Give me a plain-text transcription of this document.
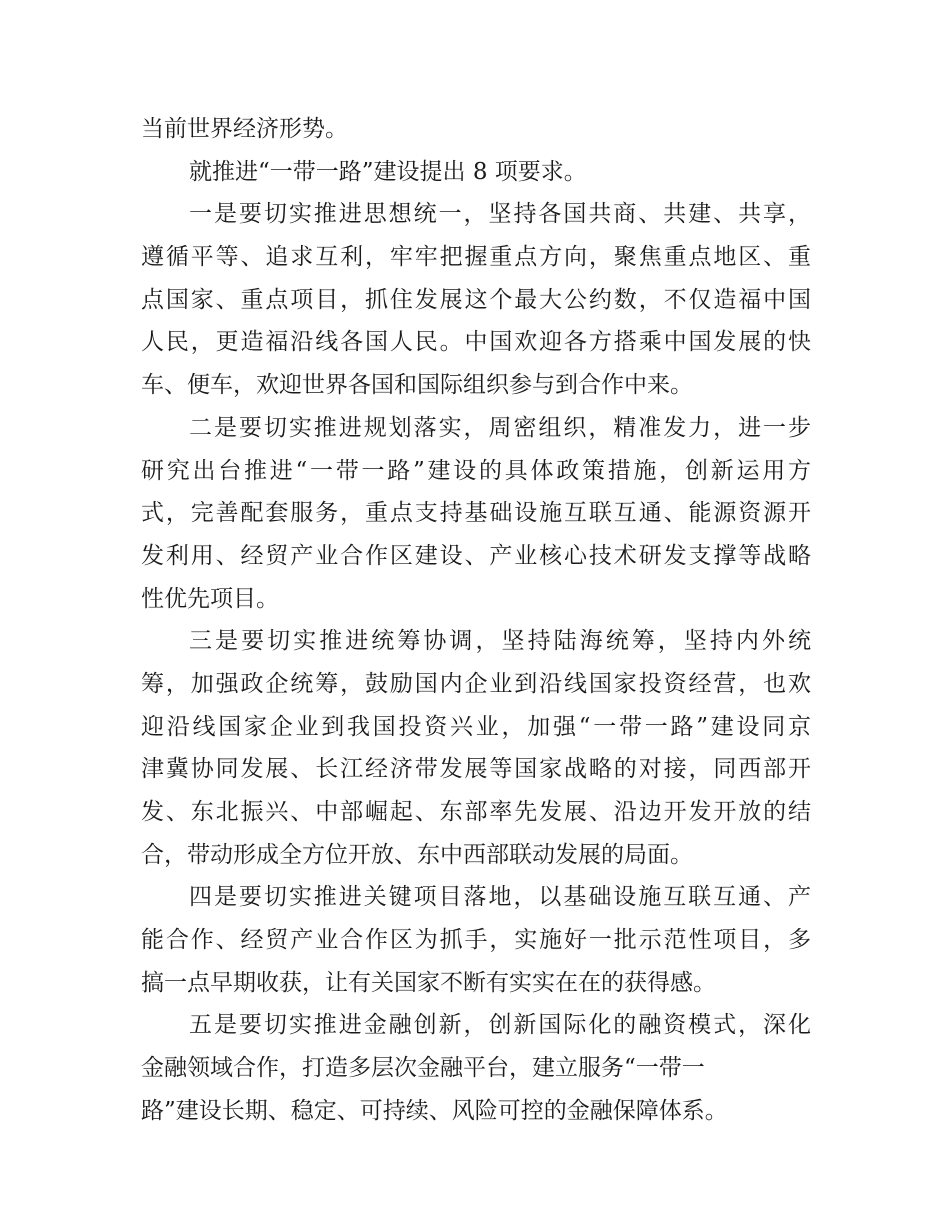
当前世界经济形势。
就推进“一带一路”建设提出 8 项要求。
一是要切实推进思想统一，坚持各国共商、共建、共享，
遵循平等、追求互利，牢牢把握重点方向，聚焦重点地区、重
点国家、重点项目，抓住发展这个最大公约数，不仅造福中国
人民，更造福沿线各国人民。中国欢迎各方搭乘中国发展的快
车、便车，欢迎世界各国和国际组织参与到合作中来。
二是要切实推进规划落实，周密组织，精准发力，进一步
研究出台推进“一带一路”建设的具体政策措施，创新运用方
式，完善配套服务，重点支持基础设施互联互通、能源资源开
发利用、经贸产业合作区建设、产业核心技术研发支撑等战略
性优先项目。
三是要切实推进统筹协调，坚持陆海统筹，坚持内外统
筹，加强政企统筹，鼓励国内企业到沿线国家投资经营，也欢
迎沿线国家企业到我国投资兴业，加强“一带一路”建设同京
津冀协同发展、长江经济带发展等国家战略的对接，同西部开
发、东北振兴、中部崛起、东部率先发展、沿边开发开放的结
合，带动形成全方位开放、东中西部联动发展的局面。
四是要切实推进关键项目落地，以基础设施互联互通、产
能合作、经贸产业合作区为抓手，实施好一批示范性项目，多
搞一点早期收获，让有关国家不断有实实在在的获得感。
五是要切实推进金融创新，创新国际化的融资模式，深化
金融领域合作，打造多层次金融平台，建立服务“一带一
路”建设长期、稳定、可持续、风险可控的金融保障体系。
